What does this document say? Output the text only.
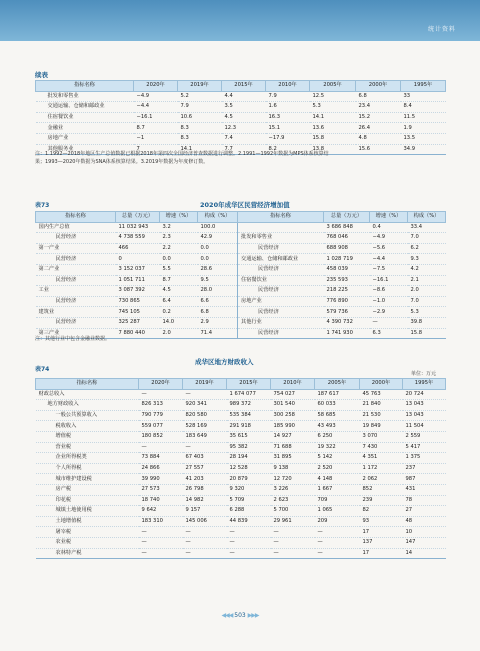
统计资料
续表
指标名称	2020年	2019年	2015年	2010年	2005年	2000年	1995年
批发和零售业	−4.9	5.2	4.4	7.9	12.5	6.8	33
交通运输、仓储和邮政业	−4.4	7.9	3.5	1.6	5.3	23.4	8.4
住宿餐饮业	−16.1	10.6	4.5	16.3	14.1	15.2	11.5
金融业	8.7	8.3	12.3	15.1	13.6	26.4	1.9
房地产业	−1	8.3	7.4	−17.9	15.8	4.8	13.5
其他服务业	7	14.1	7.7	8.2	13.8	15.6	34.9
注：1.1992—2018年地区生产总值数据已根据2018年第四次全国经济普查数据进行调整。2.1991—1992年数据为MPS体系核算结
果；1993—2020年数据为SNA体系核算结果。3.2019年数据为年度修订数。
表73	2020年成华区民营经济增加值
指标名称	总量（万元）	增速（%）	构成（%）	指标名称	总量（万元）	增速（%）	构成（%）
国内生产总值	11 032 943	3.2	100.0		3 686 848	0.4	33.4
民营经济	4 738 559	2.3	42.9	批发和零售业	768 046	−4.9	7.0
第一产业	466	2.2	0.0	民营经济	688 908	−5.6	6.2
民营经济	0	0.0	0.0	交通运输、仓储和邮政业	1 028 719	−4.4	9.3
第二产业	3 152 037	5.5	28.6	民营经济	458 039	−7.5	4.2
民营经济	1 051 711	8.7	9.5	住宿餐饮业	235 593	−16.1	2.1
工业	3 087 392	4.5	28.0	民营经济	218 225	−8.6	2.0
民营经济	730 865	6.4	6.6	房地产业	776 890	−1.0	7.0
建筑业	745 105	0.2	6.8	民营经济	579 736	−2.9	5.3
民营经济	325 287	14.0	2.9	其他行业	4 390 732	—	39.8
第三产业	7 880 440	2.0	71.4	民营经济	1 741 930	6.3	15.8
注：其他行业中包含金融业数据。
成华区地方财政收入
表74
单位：万元
指标名称	2020年	2019年	2015年	2010年	2005年	2000年	1995年
财政总收入	—	—	1 674 077	754 027	187 617	45 763	20 724
地方财政收入	826 313	920 341	989 372	301 540	60 033	21 840	13 043
一般公共预算收入	790 779	820 580	535 384	300 258	58 685	21 530	13 043
税收收入	559 077	528 169	291 918	185 990	43 493	19 849	11 504
增值税	180 852	183 649	35 615	14 927	6 250	3 070	2 559
营业税	—	—	95 382	71 688	19 322	7 430	5 417
企业所得税类	73 884	67 403	28 194	31 895	5 142	4 351	1 375
个人所得税	24 866	27 557	12 528	9 138	2 520	1 172	237
城市维护建设税	39 990	41 203	20 879	12 720	4 148	2 062	987
房产税	27 573	26 798	9 320	3 226	1 667	852	431
印花税	18 740	14 982	5 709	2 623	709	239	78
城镇土地使用税	9 642	9 157	6 288	5 700	1 065	82	27
土地增值税	183 310	145 006	44 839	29 961	209	93	48
屠宰税	—	—	—	—	—	17	10
农业税	—	—	—	—	—	137	147
农林特产税	—	—	—	—	—	17	14
◀◀◀ 503 ▶▶▶
